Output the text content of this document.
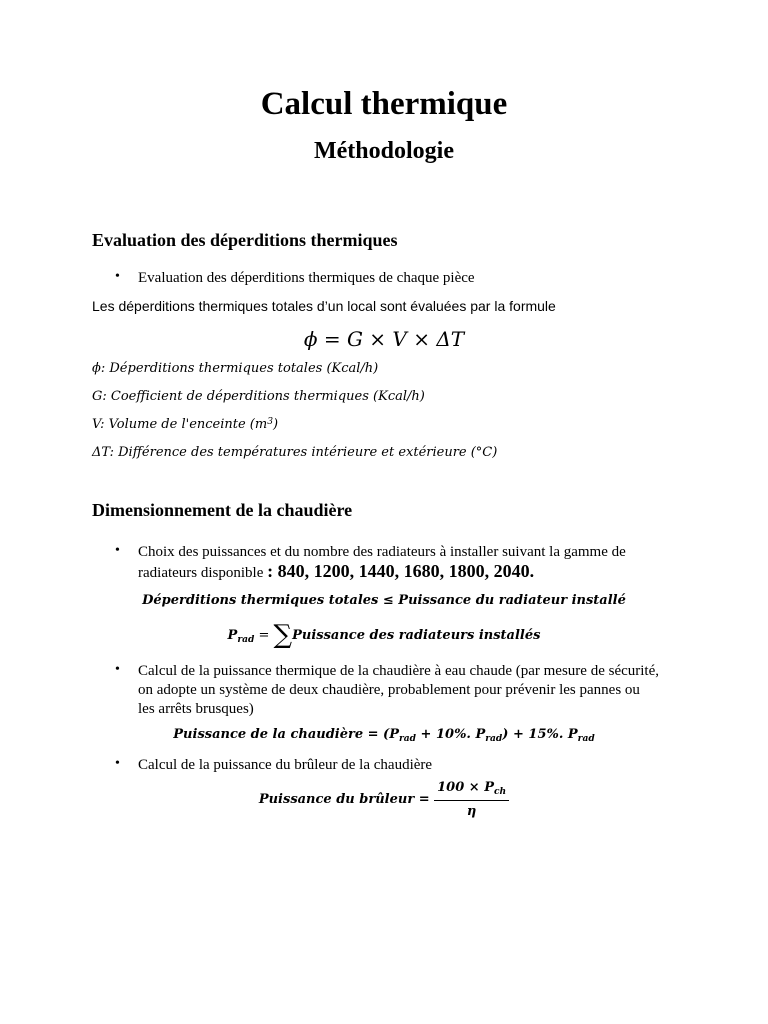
Calcul thermique
Méthodologie
Evaluation des déperditions thermiques
• Evaluation des déperditions thermiques de chaque pièce
Les déperditions thermiques totales d’un local sont évaluées par la formule
ϕ = G × V × ΔT
ϕ: Déperditions thermiques totales (Kcal/h)
G: Coefficient de déperditions thermiques (Kcal/h)
V: Volume de l'enceinte $(m^3)$
ΔT: Différence des températures intérieure et extérieure (°C)
Dimensionnement de la chaudière
• Choix des puissances et du nombre des radiateurs à installer suivant la gamme de
radiateurs disponible : 840, 1200, 1440, 1680, 1800, 2040.
Déperditions thermiques totales ≤ Puissance du radiateur installé
$P_{rad}$ = ∑Puissance des radiateurs installés
• Calcul de la puissance thermique de la chaudière à eau chaude (par mesure de sécurité,
on adopte un système de deux chaudière, probablement pour prévenir les pannes ou
les arrêts brusques)
Puissance de la chaudière = ($P_{rad} + 10\%$. $P_{rad}) + 15\%$. $P_{rad}$
• Calcul de la puissance du brûleur de la chaudière
Puissance du brûleur = $\frac{100 \times P_{ch}}{\eta}$
